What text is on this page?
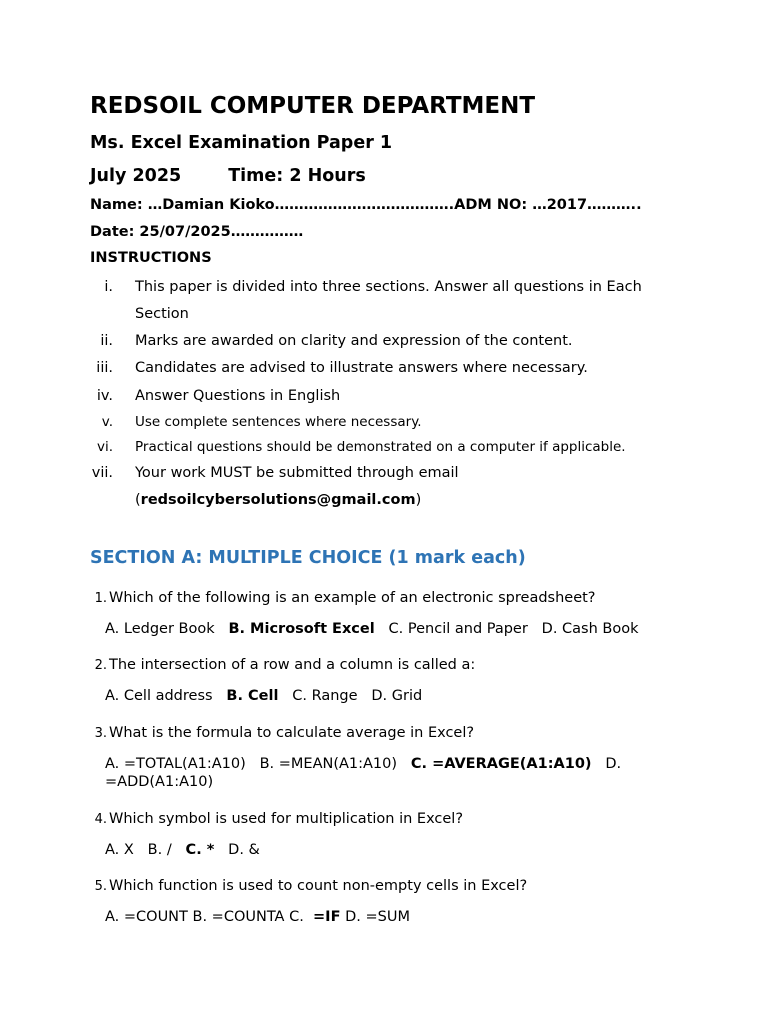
REDSOIL COMPUTER DEPARTMENT
Ms. Excel Examination Paper 1
July 2025	Time: 2 Hours
Name: …Damian Kioko……………………………….ADM NO: …2017………..
Date: 25/07/2025……………
INSTRUCTIONS
i. This paper is divided into three sections. Answer all questions in Each
Section
ii. Marks are awarded on clarity and expression of the content.
iii. Candidates are advised to illustrate answers where necessary.
iv. Answer Questions in English
v. Use complete sentences where necessary.
vi. Practical questions should be demonstrated on a computer if applicable.
vii. Your work MUST be submitted through email
(redsoilcybersolutions@gmail.com)
SECTION A: MULTIPLE CHOICE (1 mark each)
1. Which of the following is an example of an electronic spreadsheet?
A. Ledger Book B. Microsoft Excel C. Pencil and Paper D. Cash Book
2. The intersection of a row and a column is called a:
A. Cell address B. Cell C. Range D. Grid
3. What is the formula to calculate average in Excel?
A. =TOTAL(A1:A10) B. =MEAN(A1:A10) C. =AVERAGE(A1:A10) D.
=ADD(A1:A10)
4. Which symbol is used for multiplication in Excel?
A. X B. / C. * D. &
5. Which function is used to count non-empty cells in Excel?
A. =COUNT B. =COUNTA C. =IF D. =SUM
